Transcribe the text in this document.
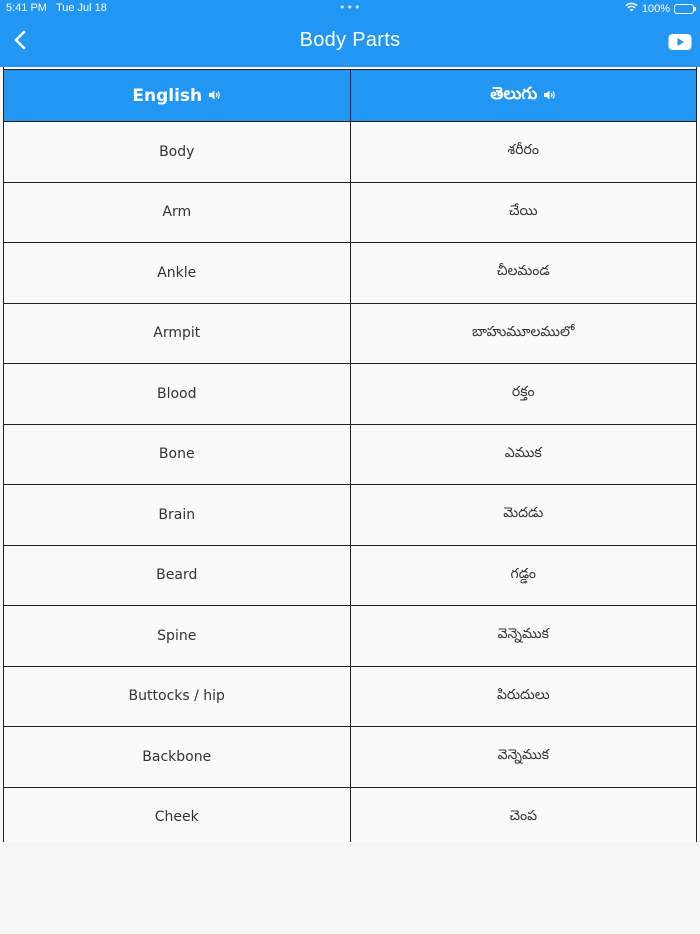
5:41 PM Tue Jul 18	•••	100%
Body Parts
English	తెలుగు
Body	శరీరం
Arm	చేయి
Ankle	చీలమండ
Armpit	బాహుమూలములో
Blood	రక్తం
Bone	ఎముక
Brain	మెదడు
Beard	గడ్డం
Spine	వెన్నెముక
Buttocks / hip	పిరుదులు
Backbone	వెన్నెముక
Cheek	చెంప
